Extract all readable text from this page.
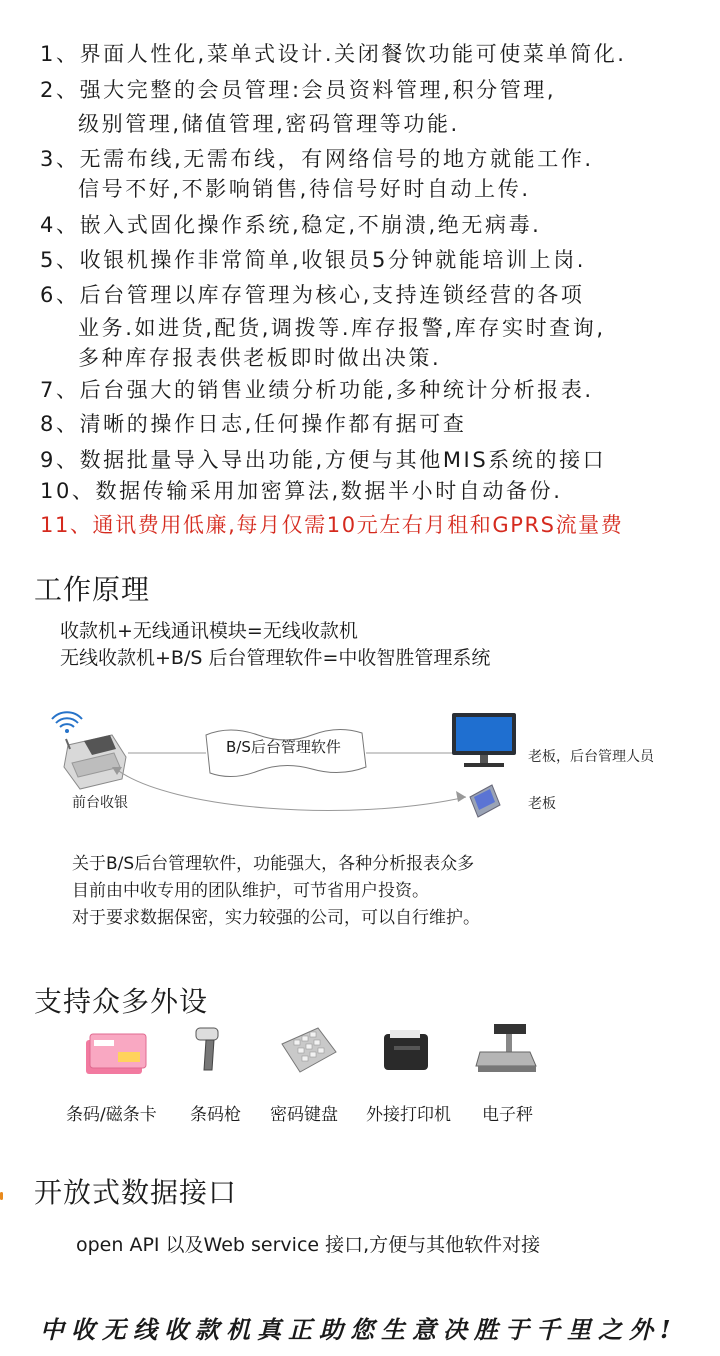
1、界面人性化,菜单式设计.关闭餐饮功能可使菜单简化.
2、强大完整的会员管理:会员资料管理,积分管理,
级别管理,储值管理,密码管理等功能.
3、无需布线,无需布线，有网络信号的地方就能工作.
信号不好,不影响销售,待信号好时自动上传.
4、嵌入式固化操作系统,稳定,不崩溃,绝无病毒.
5、收银机操作非常简单,收银员5分钟就能培训上岗.
6、后台管理以库存管理为核心,支持连锁经营的各项
业务.如进货,配货,调拨等.库存报警,库存实时查询,
多种库存报表供老板即时做出决策.
7、后台强大的销售业绩分析功能,多种统计分析报表.
8、清晰的操作日志,任何操作都有据可查
9、数据批量导入导出功能,方便与其他MIS系统的接口
10、数据传输采用加密算法,数据半小时自动备份.
11、通讯费用低廉,每月仅需10元左右月租和GPRS流量费
工作原理
收款机+无线通讯模块=无线收款机
无线收款机+B/S 后台管理软件=中收智胜管理系统
B/S后台管理软件
前台收银
老板，后台管理人员
老板
关于B/S后台管理软件，功能强大，各种分析报表众多
目前由中收专用的团队维护，可节省用户投资。
对于要求数据保密，实力较强的公司，可以自行维护。
支持众多外设
条码/磁条卡 条码枪 密码键盘 外接打印机 电子秤
开放式数据接口
open API 以及Web service 接口,方便与其他软件对接
中收无线收款机真正助您生意决胜于千里之外!
